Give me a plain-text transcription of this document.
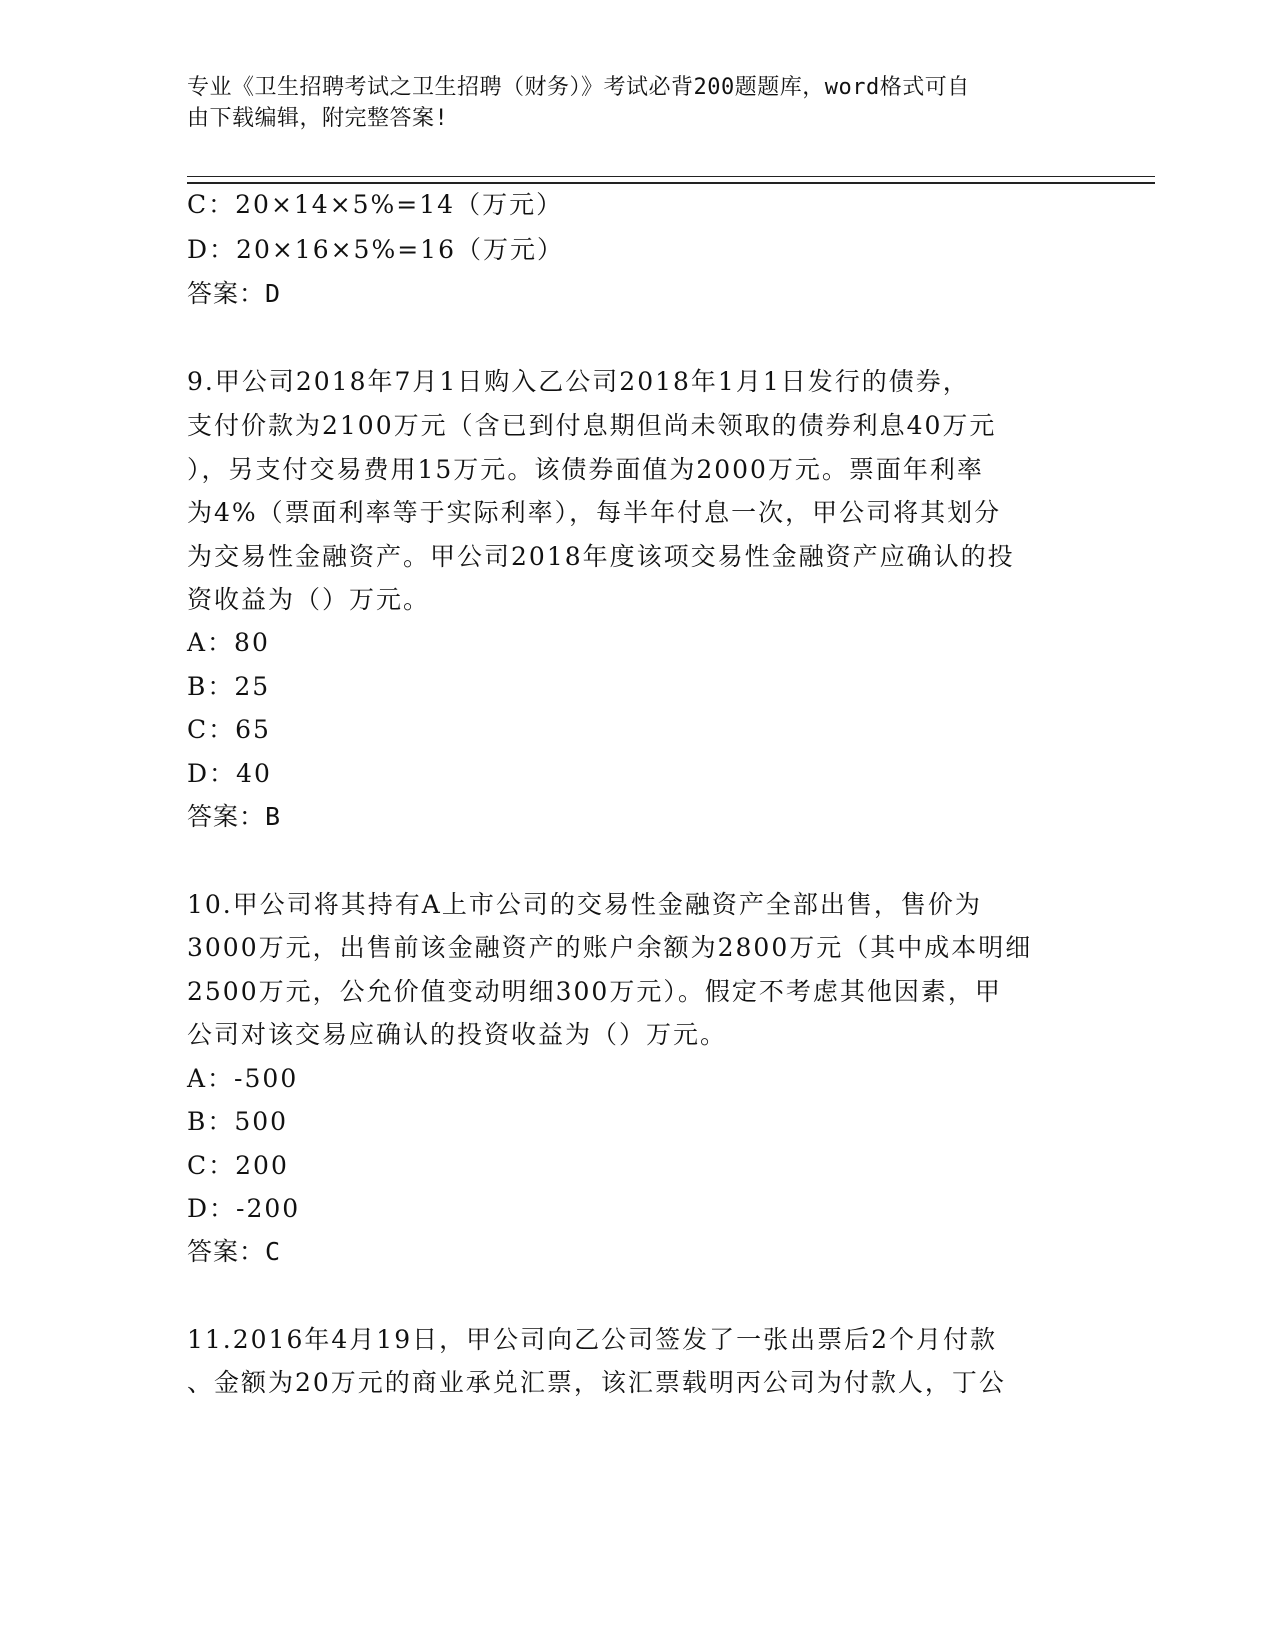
专业《卫生招聘考试之卫生招聘（财务）》考试必背200题题库，word格式可自
由下载编辑，附完整答案!
C：20×14×5%=14（万元）
D：20×16×5%=16（万元）
答案：D
9.甲公司2018年7月1日购入乙公司2018年1月1日发行的债券，
支付价款为2100万元（含已到付息期但尚未领取的债券利息40万元
），另支付交易费用15万元。该债券面值为2000万元。票面年利率
为4%（票面利率等于实际利率），每半年付息一次，甲公司将其划分
为交易性金融资产。甲公司2018年度该项交易性金融资产应确认的投
资收益为（）万元。
A：80
B：25
C：65
D：40
答案：B
10.甲公司将其持有A上市公司的交易性金融资产全部出售，售价为
3000万元，出售前该金融资产的账户余额为2800万元（其中成本明细
2500万元，公允价值变动明细300万元）。假定不考虑其他因素，甲
公司对该交易应确认的投资收益为（）万元。
A：-500
B：500
C：200
D：-200
答案：C
11.2016年4月19日，甲公司向乙公司签发了一张出票后2个月付款
、金额为20万元的商业承兑汇票，该汇票载明丙公司为付款人，丁公
